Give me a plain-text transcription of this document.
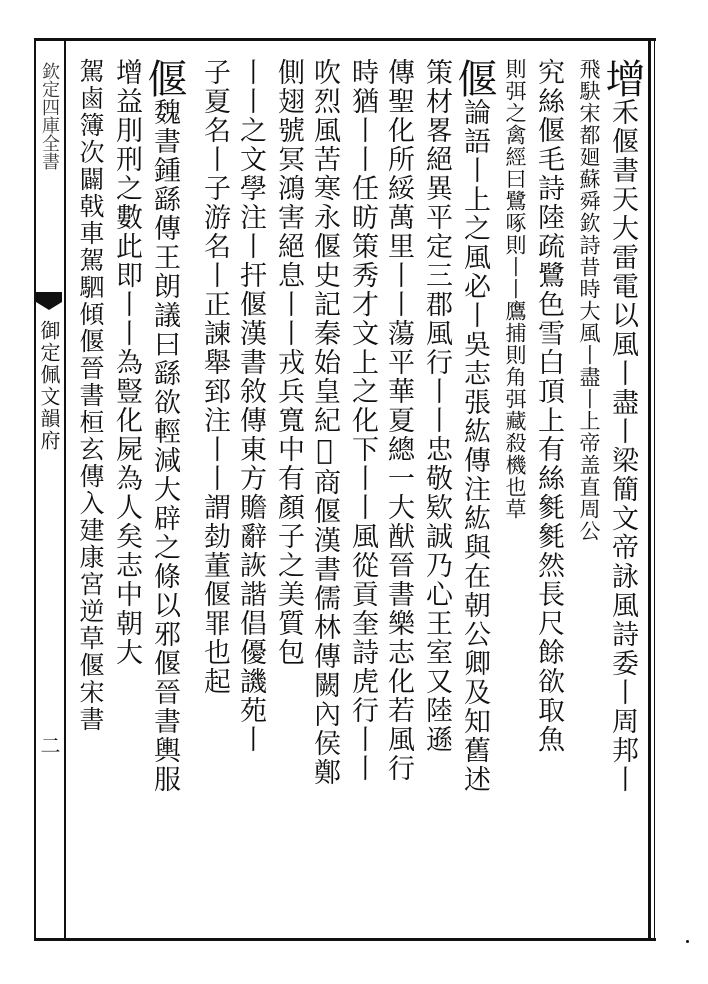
欽定四庫全書
御定佩文韻府
二
增禾偃書天大雷電以風丨盡丨梁簡文帝詠風詩委丨周邦丨
飛駃宋都廻蘇舜欽詩昔時大風丨盡丨上帝盖直周公
究絲偃毛詩陸疏鷺色雪白頂上有絲毿毿然長尺餘欲取魚
則弭之禽經曰鷺啄則丨丨鷹捕則角弭藏殺機也草
偃論語丨上之風必丨吳志張紘傳注紘與在朝公卿及知舊述
策材畧絕異平定三郡風行丨丨忠敬欵誠乃心王室又陸遜
傳聖化所綏萬里丨丨蕩平華夏總一大猷晉書樂志化若風行
時猶丨丨任昉策秀才文上之化下丨丨風從貢奎詩虎行丨丨
吹烈風苦寒永偃史記秦始皇紀𫐉商偃漢書儒林傳闕內侯鄭
側翅號冥鴻害絕息丨丨戎兵寬中有顏子之美質包
丨丨之文學注丨扞偃漢書敘傳東方贍辭詼諧倡優譏苑丨
子夏名丨子游名丨正諫舉郅注丨丨謂勎董偃罪也起
偃魏書鍾繇傳王朗議曰繇欲輕減大辟之條以邪偃晉書輿服
增益刖刑之數此即丨丨為豎化屍為人矣志中朝大
駕鹵簿次闢戟車駕駟傾偃晉書桓玄傳入建康宮逆草偃宋書
